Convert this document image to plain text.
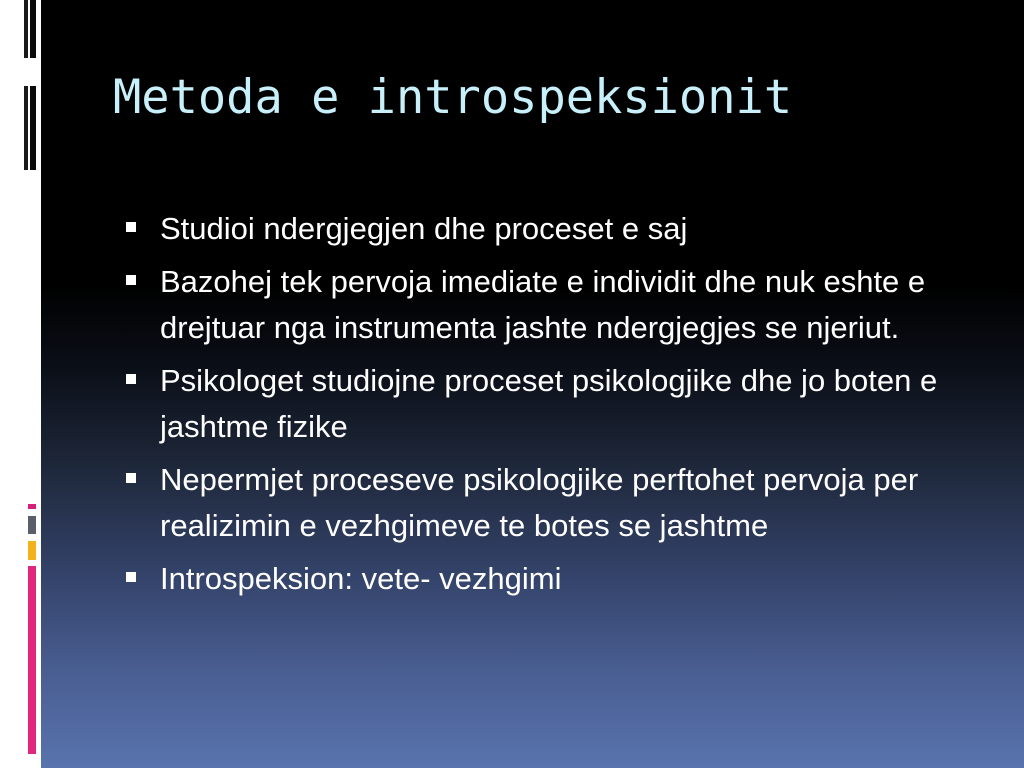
Metoda e introspeksionit
Studioi ndergjegjen dhe proceset e saj
Bazohej tek pervoja imediate e individit dhe nuk eshte e drejtuar nga instrumenta jashte ndergjegjes se njeriut.
Psikologet studiojne proceset psikologjike dhe jo boten e jashtme fizike
Nepermjet proceseve psikologjike perftohet pervoja per realizimin e vezhgimeve te botes se jashtme
Introspeksion: vete- vezhgimi
